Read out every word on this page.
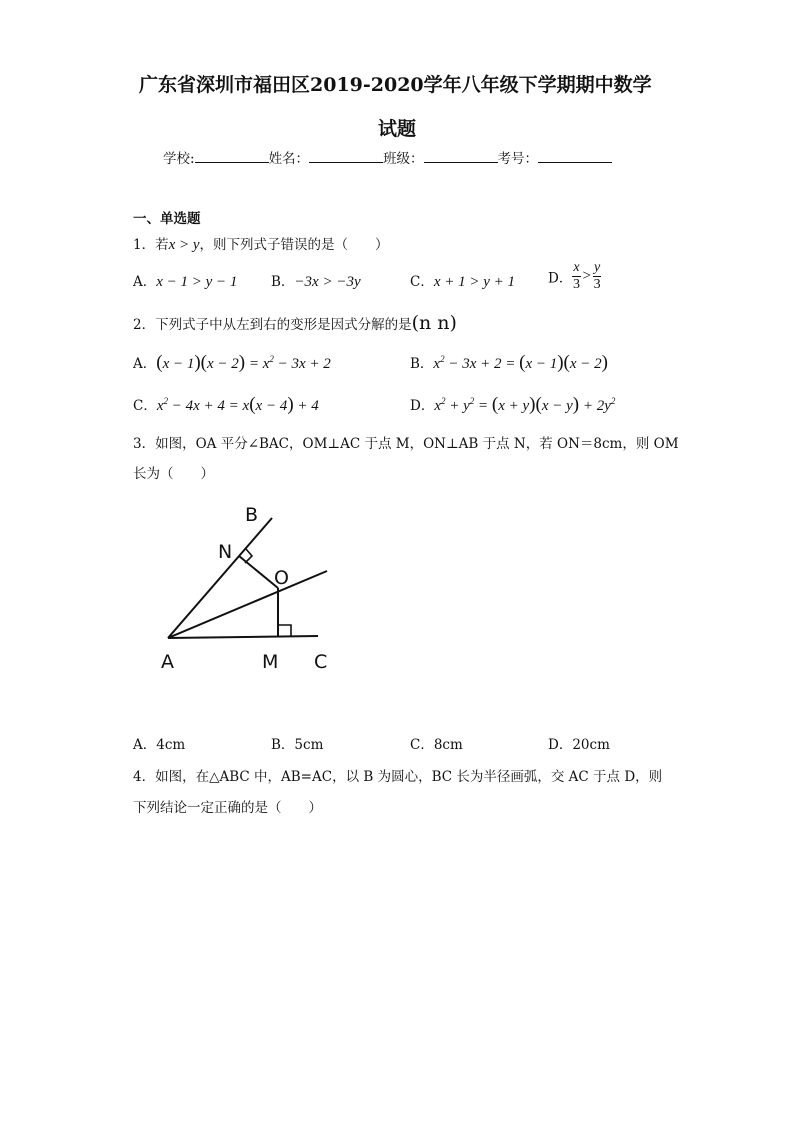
广东省深圳市福田区2019-2020学年八年级下学期期中数学
试题
学校:	姓名：	班级：	考号：
一、单选题
1．若x > y，则下列式子错误的是（　　）
A．x − 1 > y − 1 B．−3x > −3y	C．x + 1 > y + 1 D． $\frac{x}{3} > \frac{y}{3}$
2．下列式子中从左到右的变形是因式分解的是(n n)
A．$(x - 1)(x - 2) = x^2 - 3x + 2$	B．$x^2 - 3x + 2 = (x - 1)(x - 2)$
C．$x^2 - 4x + 4 = x(x - 4) + 4$	D．$x^2 + y^2 = (x + y)(x - y) + 2y^2$
3．如图，OA 平分∠BAC，OM⊥AC 于点 M，ON⊥AB 于点 N，若 ON＝8cm，则 OM
长为（　　）
B
N
O
A	M C
A．4cm	B．5cm	C．8cm	D．20cm
4．如图，在△ABC 中，AB=AC，以 B 为圆心，BC 长为半径画弧，交 AC 于点 D，则
下列结论一定正确的是（　　）
